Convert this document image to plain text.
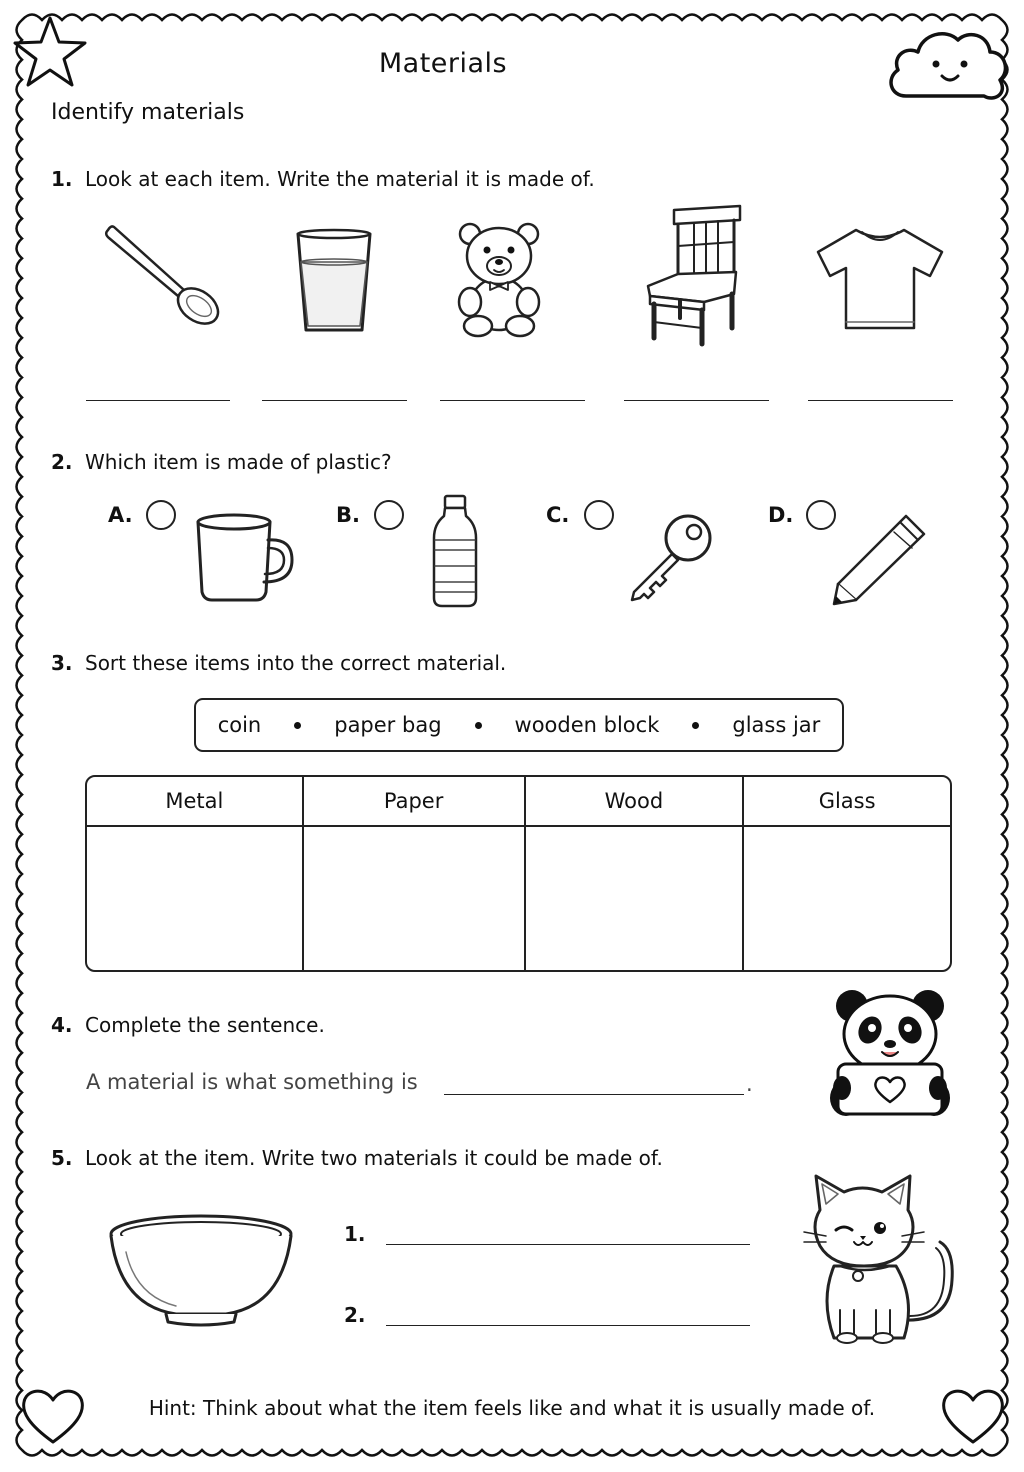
Materials
Identify materials
1. Look at each item. Write the material it is made of.
2. Which item is made of plastic?
A.	B.	C.	D.
3. Sort these items into the correct material.
coin	paper bag	wooden block	glass jar
Metal	Paper	Wood	Glass

4. Complete the sentence.
A material is what something is	.
5. Look at the item. Write two materials it could be made of.
1.
2.
Hint: Think about what the item feels like and what it is usually made of.
